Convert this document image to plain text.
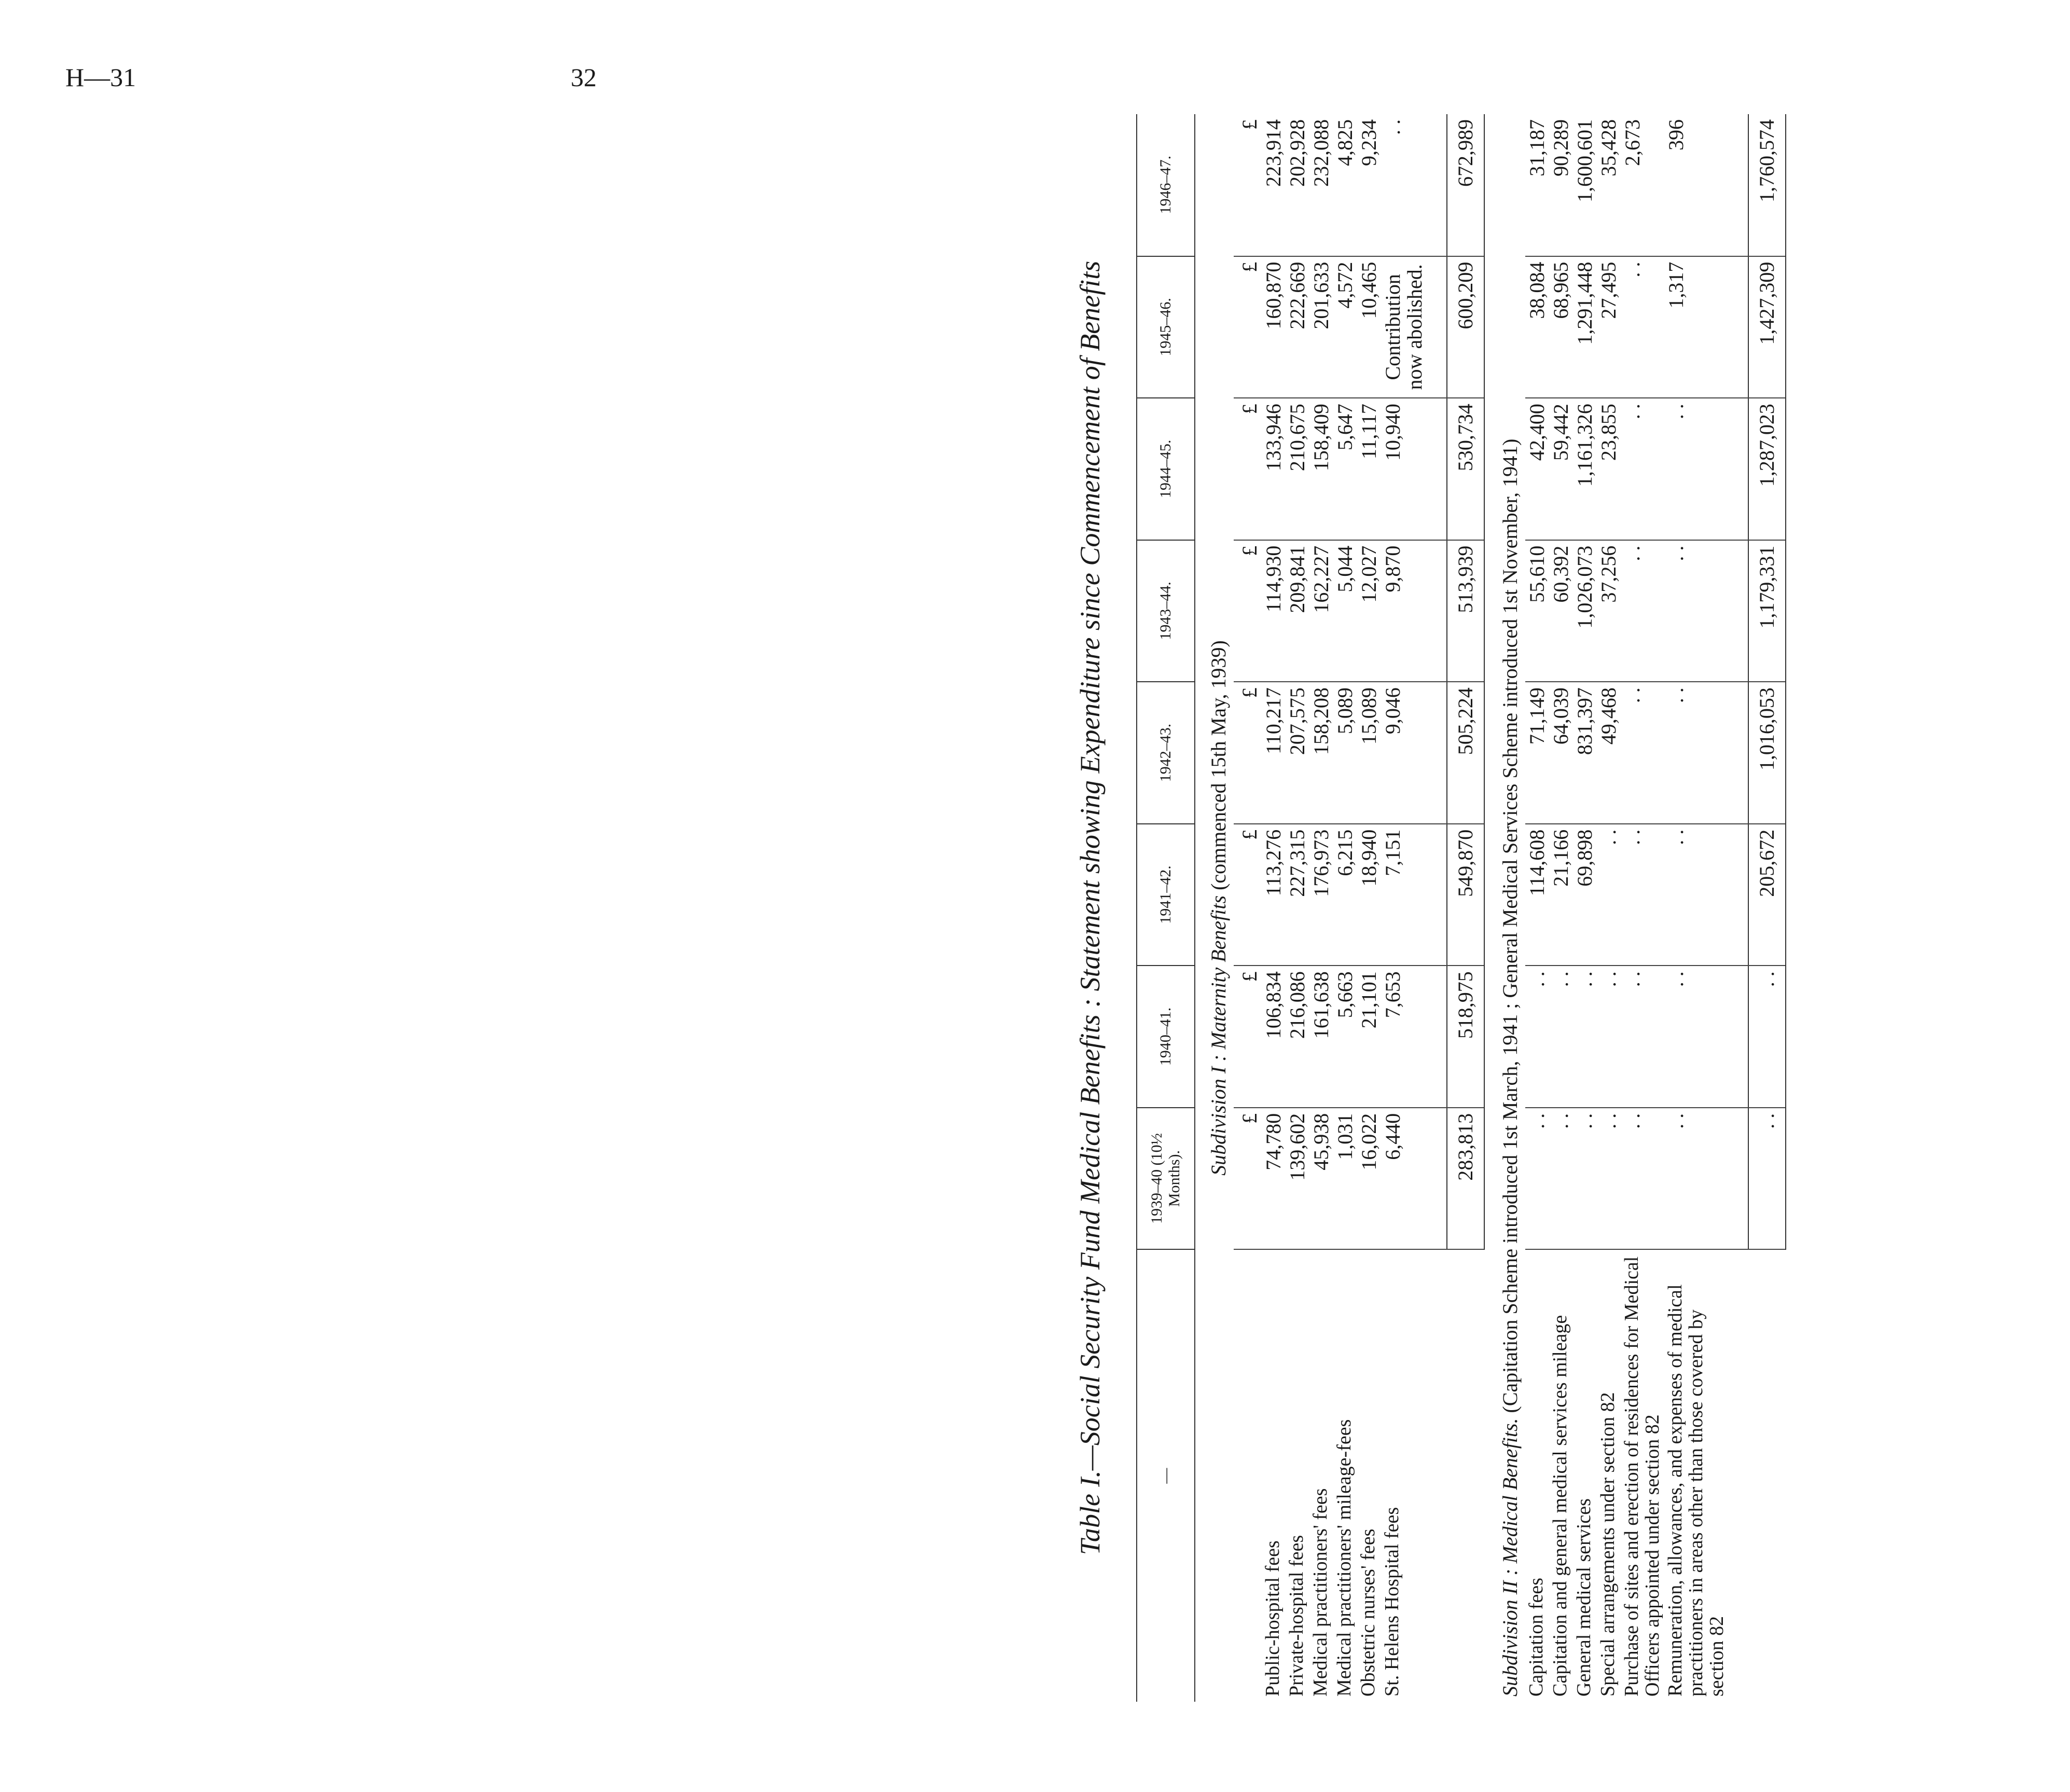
H—31	32
Table I.—Social Security Fund Medical Benefits : Statement showing Expenditure since Commencement of Benefits	—	1939–40 (10½ Months).	1940–41.	1941–42.	1942–43.	1943–44.	1944–45.	1945–46.	1946–47.
Subdivision I : Maternity Benefits (commenced 15th May, 1939)								
	£	£	£	£	£	£	£	£
Public-hospital fees	74,780	106,834	113,276	110,217	114,930	133,946	160,870	223,914
Private-hospital fees	139,602	216,086	227,315	207,575	209,841	210,675	222,669	202,928
Medical practitioners' fees	45,938	161,638	176,973	158,208	162,227	158,409	201,633	232,088
Medical practitioners' mileage-fees	1,031	5,663	6,215	5,089	5,044	5,647	4,572	4,825
Obstetric nurses' fees	16,022	21,101	18,940	15,089	12,027	11,117	10,465	9,234
St. Helens Hospital fees	6,440	7,653	7,151	9,046	9,870	10,940	Contribution now abolished.	. .

	283,813	518,975	549,870	505,224	513,939	530,734	600,209	672,989
Subdivision II : Medical Benefits. (Capitation Scheme introduced 1st March, 1941 ; General Medical Services Scheme introduced 1st November, 1941)								
Capitation fees	. .	. .	114,608	71,149	55,610	42,400	38,084	31,187
Capitation and general medical services mileage	. .	. .	21,166	64,039	60,392	59,442	68,965	90,289
General medical services	. .	. .	69,898	831,397	1,026,073	1,161,326	1,291,448	1,600,601
Special arrangements under section 82	. .	. .	. .	49,468	37,256	23,855	27,495	35,428
Purchase of sites and erection of residences for Medical Officers appointed under section 82	. .	. .	. .	. .	. .	. .	. .	2,673
Remuneration, allowances, and expenses of medical practitioners in areas other than those covered by section 82	. .	. .	. .	. .	. .	. .	1,317	396

	. .	. .	205,672	1,016,053	1,179,331	1,287,023	1,427,309	1,760,574
